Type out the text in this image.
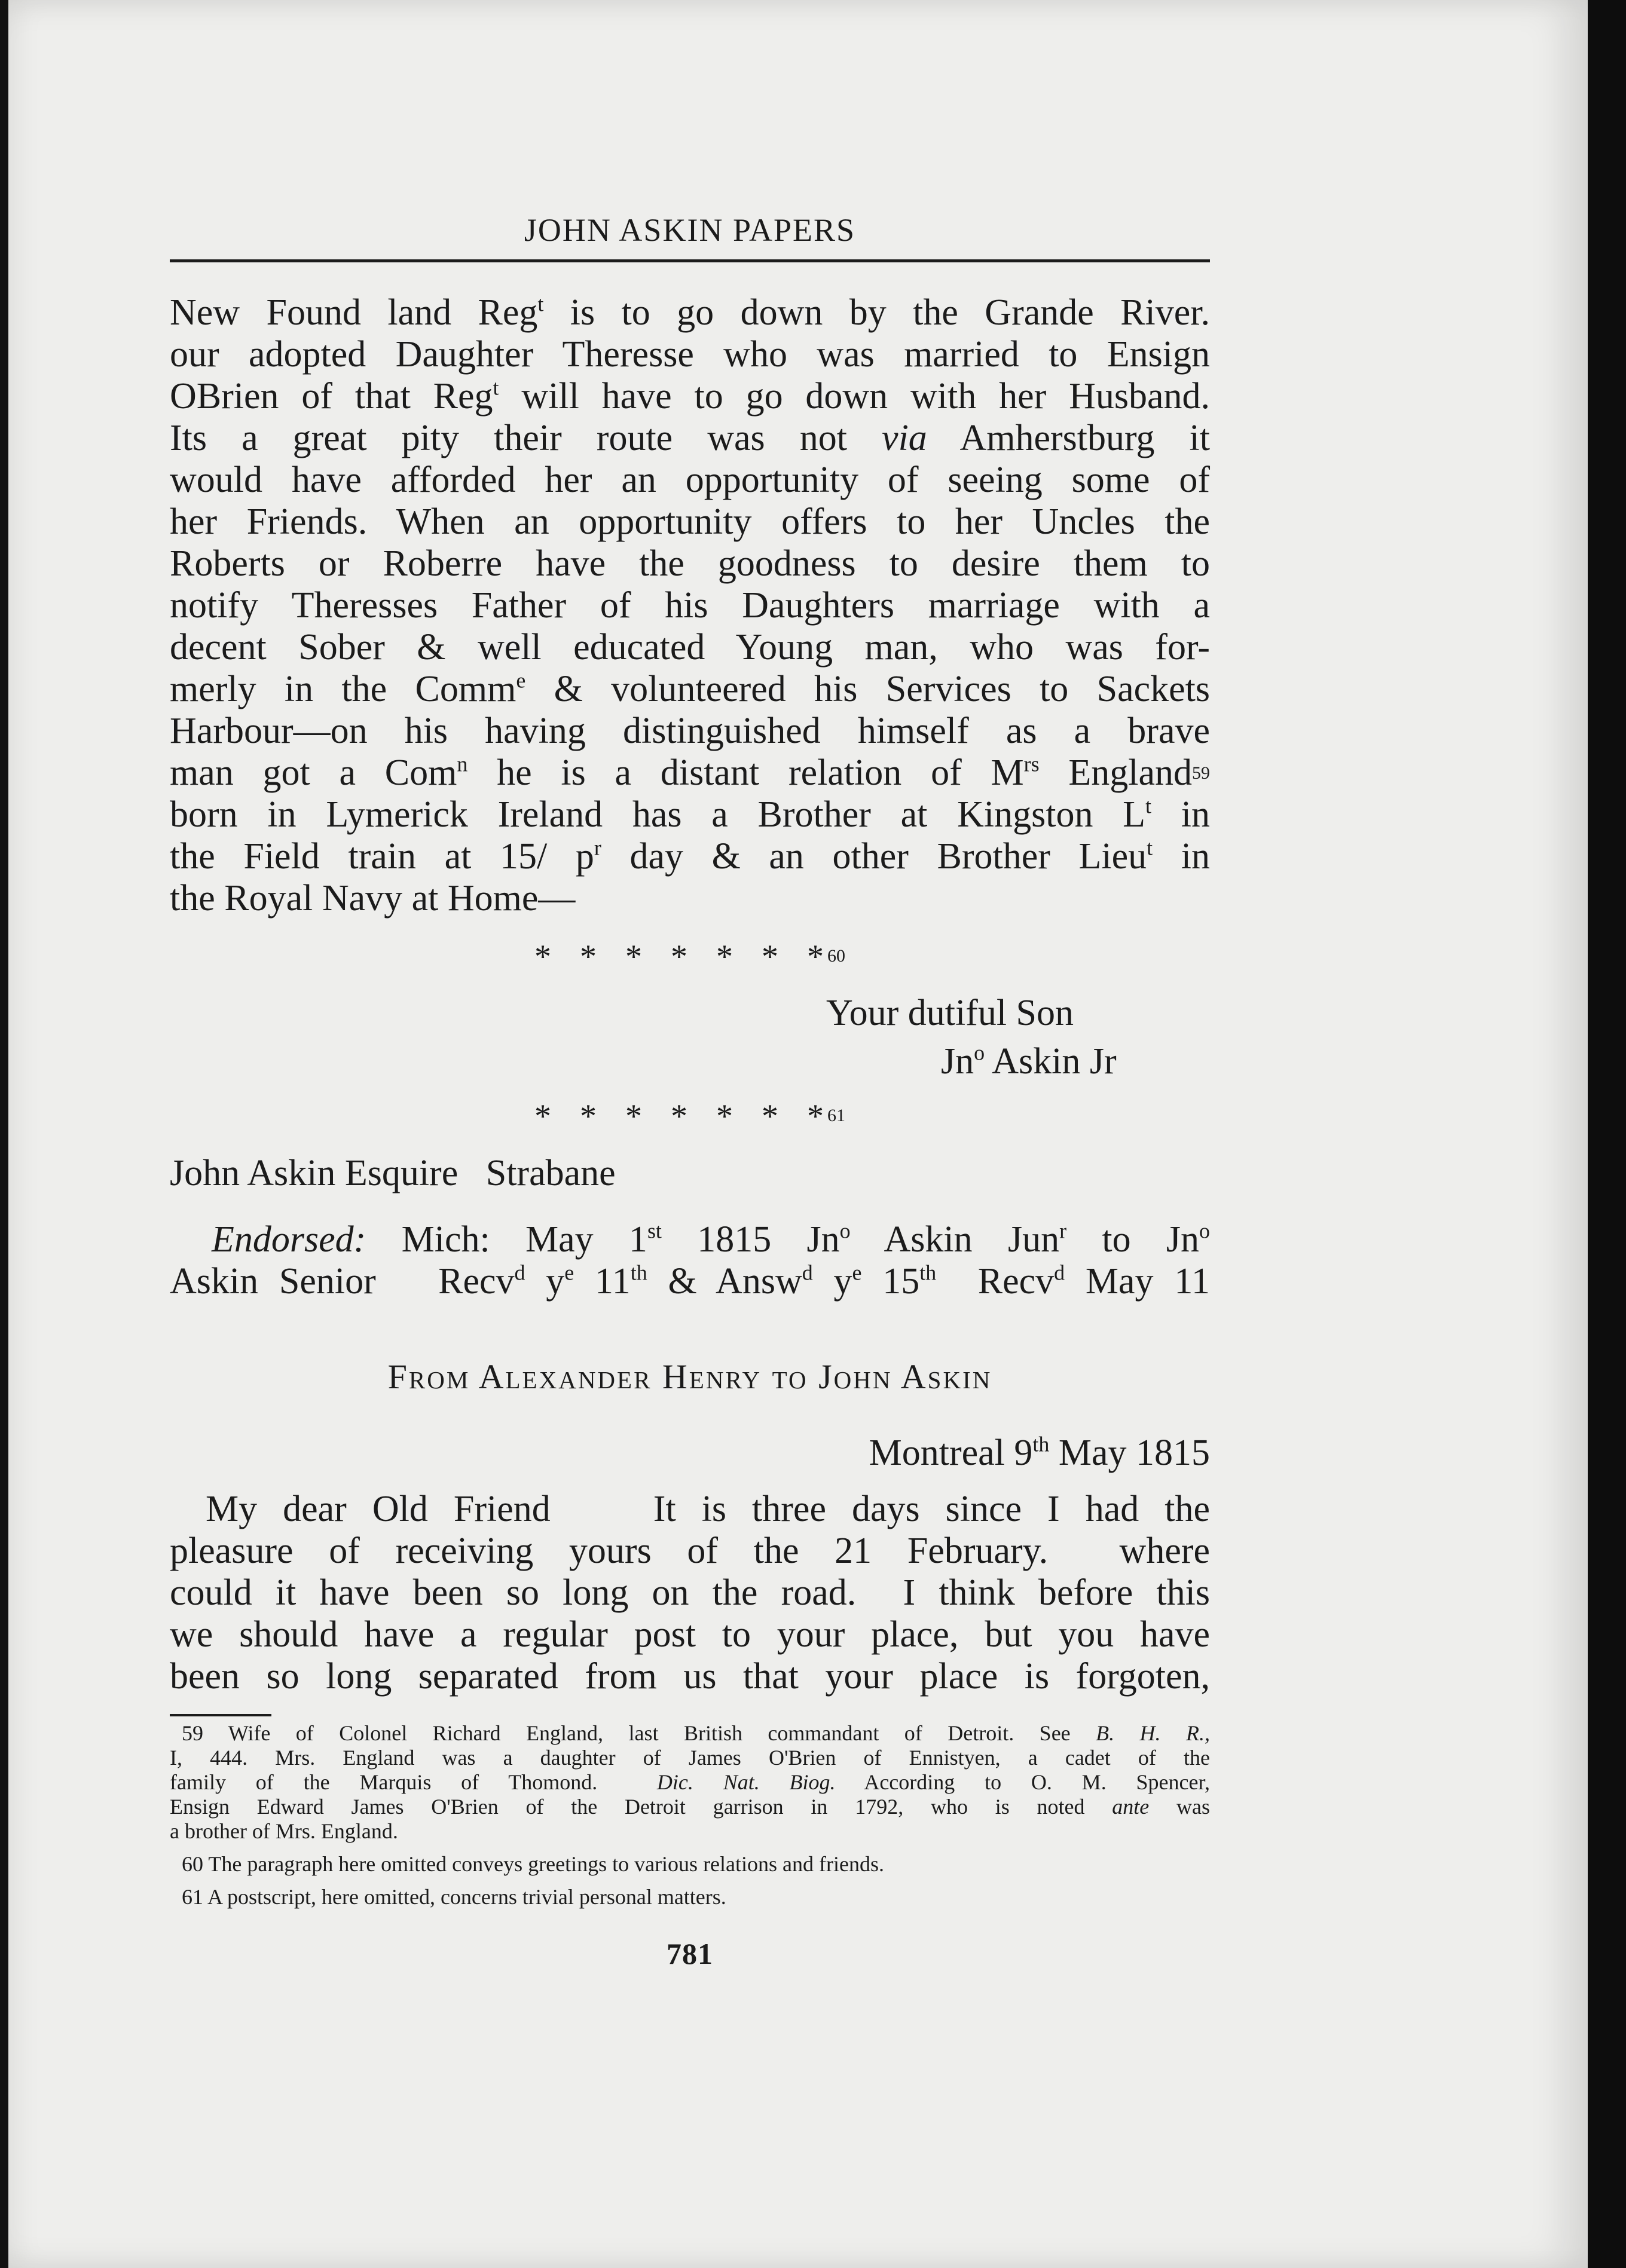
JOHN ASKIN PAPERS
New Found land Reg$^t$ is to go down by the Grande River.
our adopted Daughter Theresse who was married to Ensign
OBrien of that Reg$^t$ will have to go down with her Husband.
Its a great pity their route was not via Amherstburg it
would have afforded her an opportunity of seeing some of
her Friends. When an opportunity offers to her Uncles the
Roberts or Roberre have the goodness to desire them to
notify Theresses Father of his Daughters marriage with a
decent Sober & well educated Young man, who was for-
merly in the Comm$^e$ & volunteered his Services to Sackets
Harbour—on his having distinguished himself as a brave
man got a Com$^n$ he is a distant relation of $M^{rs}$ England59
born in Lymerick Ireland has a Brother at Kingston $L^t$ in
the Field train at 15/ $p^r$ day & an other Brother Lieu$^t$ in
the Royal Navy at Home—
* * * * * * *60
Your dutiful Son
Jn$^o$ Askin Jr
* * * * * * *61
John Askin Esquire   Strabane
Endorsed: Mich: May 1st 1815 Jn$^o$ Askin Jun$^r$ to Jn$^o$
Askin Senior   Recv$^d$ $y^e$ 11th & Answ$^d$ $y^e$ 15th  Recv$^d$ May 11
From Alexander Henry to John Askin
Montreal 9th May 1815
My dear Old Friend    It is three days since I had the
pleasure of receiving yours of the 21 February.  where
could it have been so long on the road.  I think before this
we should have a regular post to your place, but you have
been so long separated from us that your place is forgoten,
59 Wife of Colonel Richard England, last British commandant of Detroit. See B. H. R.,
I, 444. Mrs. England was a daughter of James O'Brien of Ennistyen, a cadet of the
family of the Marquis of Thomond.  Dic. Nat. Biog. According to O. M. Spencer,
Ensign Edward James O'Brien of the Detroit garrison in 1792, who is noted ante was
a brother of Mrs. England.
60 The paragraph here omitted conveys greetings to various relations and friends.
61 A postscript, here omitted, concerns trivial personal matters.
781
